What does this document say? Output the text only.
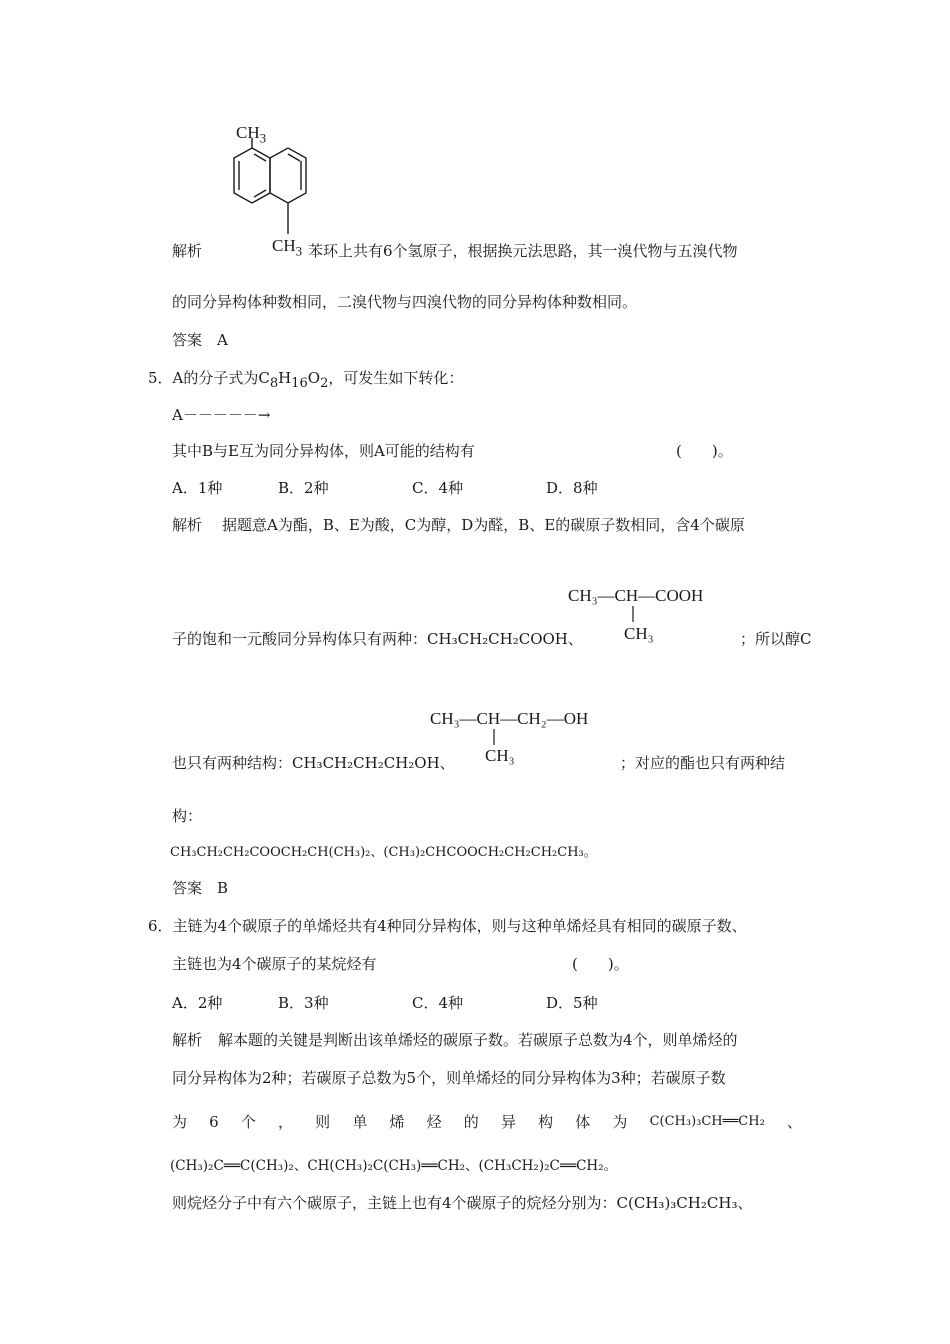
$CH_3$
$CH_3$
解析	苯环上共有6个氢原子，根据换元法思路，其一溴代物与五溴代物
的同分异构体种数相同，二溴代物与四溴代物的同分异构体种数相同。
答案　 A
5．A的分子式为$C_8H_{16}O_2$，可发生如下转化：
A－－－－－→
其中B与E互为同分异构体，则A可能的结构有	(　　)。
A．1种	B．2种	C．4种	D．8种
解析 据题意A为酯，B、E为酸，C为醇，D为醛，B、E的碳原子数相同，含4个碳原
CH₃—CH—COOH
CH₃
子的饱和一元酸同分异构体只有两种：CH₃CH₂CH₂COOH、	；所以醇C
CH₃—CH—CH₂—OH
CH₃
也只有两种结构：CH₃CH₂CH₂CH₂OH、	；对应的酯也只有两种结
构：
CH₃CH₂CH₂COOCH₂CH(CH₃)₂、(CH₃)₂CHCOOCH₂CH₂CH₂CH₃。
答案　 B
6．主链为4个碳原子的单烯烃共有4种同分异构体，则与这种单烯烃具有相同的碳原子数、
主链也为4个碳原子的某烷烃有	(　　)。
A．2种	B．3种	C．4种	D．5种
解析 解本题的关键是判断出该单烯烃的碳原子数。若碳原子总数为4个，则单烯烃的
同分异构体为2种；若碳原子总数为5个，则单烯烃的同分异构体为3种；若碳原子数
为 6 个 ， 则 单 烯 烃 的 异 构 体 为 C(CH₃)₃CH══CH₂ 、
(CH₃)₂C══C(CH₃)₂、CH(CH₃)₂C(CH₃)══CH₂、(CH₃CH₂)₂C══CH₂。
则烷烃分子中有六个碳原子，主链上也有4个碳原子的烷烃分别为：C(CH₃)₃CH₂CH₃、
